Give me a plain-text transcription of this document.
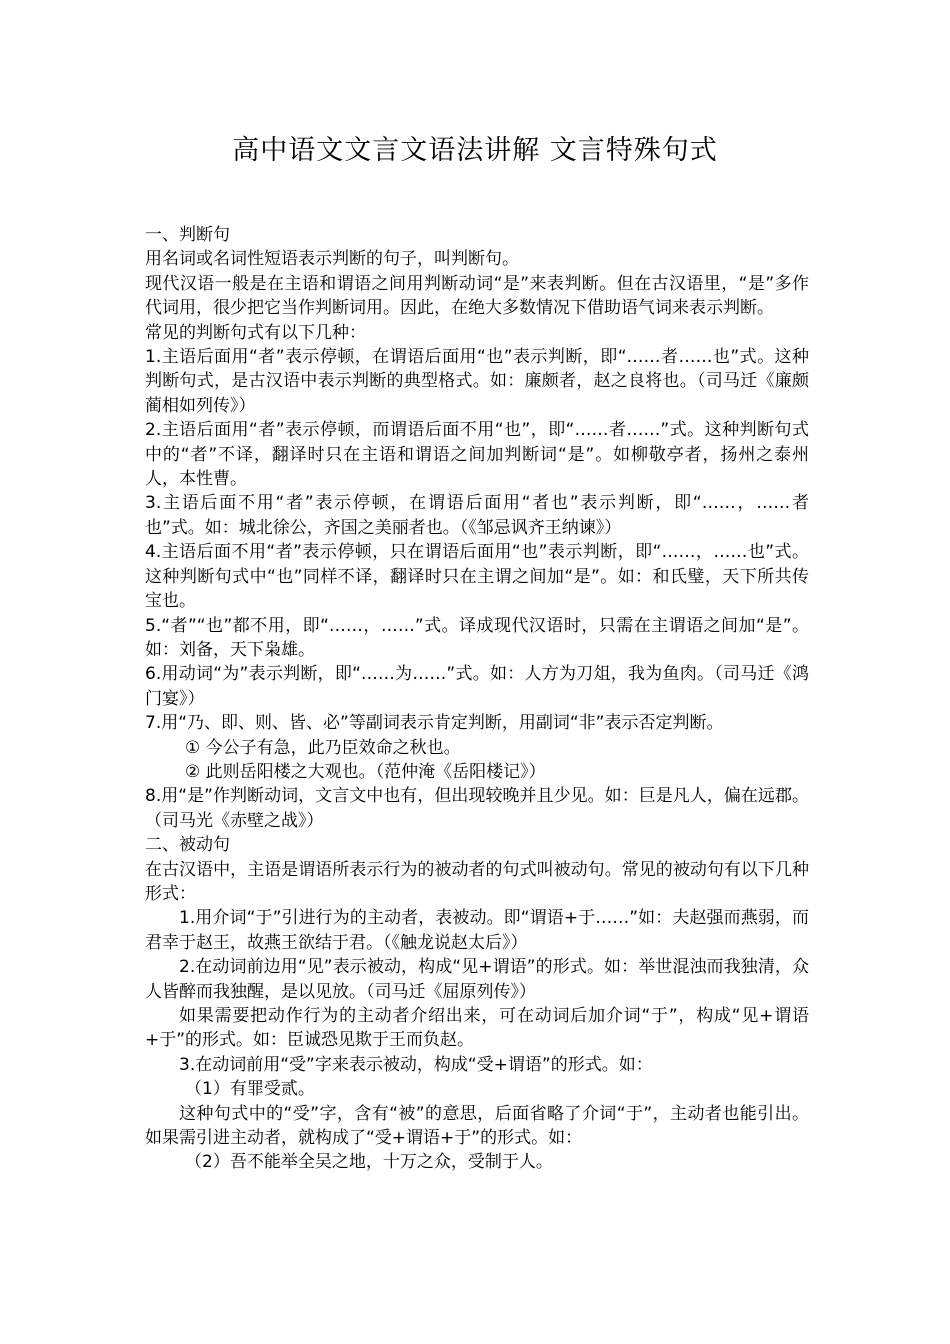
高中语文文言文语法讲解 文言特殊句式

一、判断句

用名词或名词性短语表示判断的句子，叫判断句。

现代汉语一般是在主语和谓语之间用判断动词“是”来表判断。但在古汉语里，“是”多作代词用，很少把它当作判断词用。因此，在绝大多数情况下借助语气词来表示判断。

常见的判断句式有以下几种：

1.主语后面用“者”表示停顿，在谓语后面用“也”表示判断，即“……者……也”式。这种判断句式，是古汉语中表示判断的典型格式。如：廉颇者，赵之良将也。（司马迁《廉颇蔺相如列传》）

2.主语后面用“者”表示停顿，而谓语后面不用“也”，即“……者……”式。这种判断句式中的“者”不译，翻译时只在主语和谓语之间加判断词“是”。如柳敬亭者，扬州之泰州人，本性曹。

3.主语后面不用“者”表示停顿，在谓语后面用“者也”表示判断，即“……，……者也”式。如：城北徐公，齐国之美丽者也。（《邹忌讽齐王纳谏》）

4.主语后面不用“者”表示停顿，只在谓语后面用“也”表示判断，即“……，……也”式。这种判断句式中“也”同样不译，翻译时只在主谓之间加“是”。如：和氏璧，天下所共传宝也。

5.“者”“也”都不用，即“……，……”式。译成现代汉语时，只需在主谓语之间加“是”。如：刘备，天下枭雄。

6.用动词“为”表示判断，即“……为……”式。如：人方为刀俎，我为鱼肉。（司马迁《鸿门宴》）

7.用“乃、即、则、皆、必”等副词表示肯定判断，用副词“非”表示否定判断。

① 今公子有急，此乃臣效命之秋也。

② 此则岳阳楼之大观也。（范仲淹《岳阳楼记》）

8.用“是”作判断动词，文言文中也有，但出现较晚并且少见。如：巨是凡人，偏在远郡。（司马光《赤壁之战》）

二、被动句

在古汉语中，主语是谓语所表示行为的被动者的句式叫被动句。常见的被动句有以下几种形式：

1.用介词“于”引进行为的主动者，表被动。即“谓语+于……”如：夫赵强而燕弱，而君幸于赵王，故燕王欲结于君。（《触龙说赵太后》）

2.在动词前边用“见”表示被动，构成“见+谓语”的形式。如：举世混浊而我独清，众人皆醉而我独醒，是以见放。（司马迁《屈原列传》）

如果需要把动作行为的主动者介绍出来，可在动词后加介词“于”，构成“见+谓语+于”的形式。如：臣诚恐见欺于王而负赵。

3.在动词前用“受”字来表示被动，构成“受+谓语”的形式。如：

（1）有罪受贰。

这种句式中的“受”字，含有“被”的意思，后面省略了介词“于”，主动者也能引出。如果需引进主动者，就构成了“受+谓语+于”的形式。如：

（2）吾不能举全吴之地，十万之众，受制于人。
